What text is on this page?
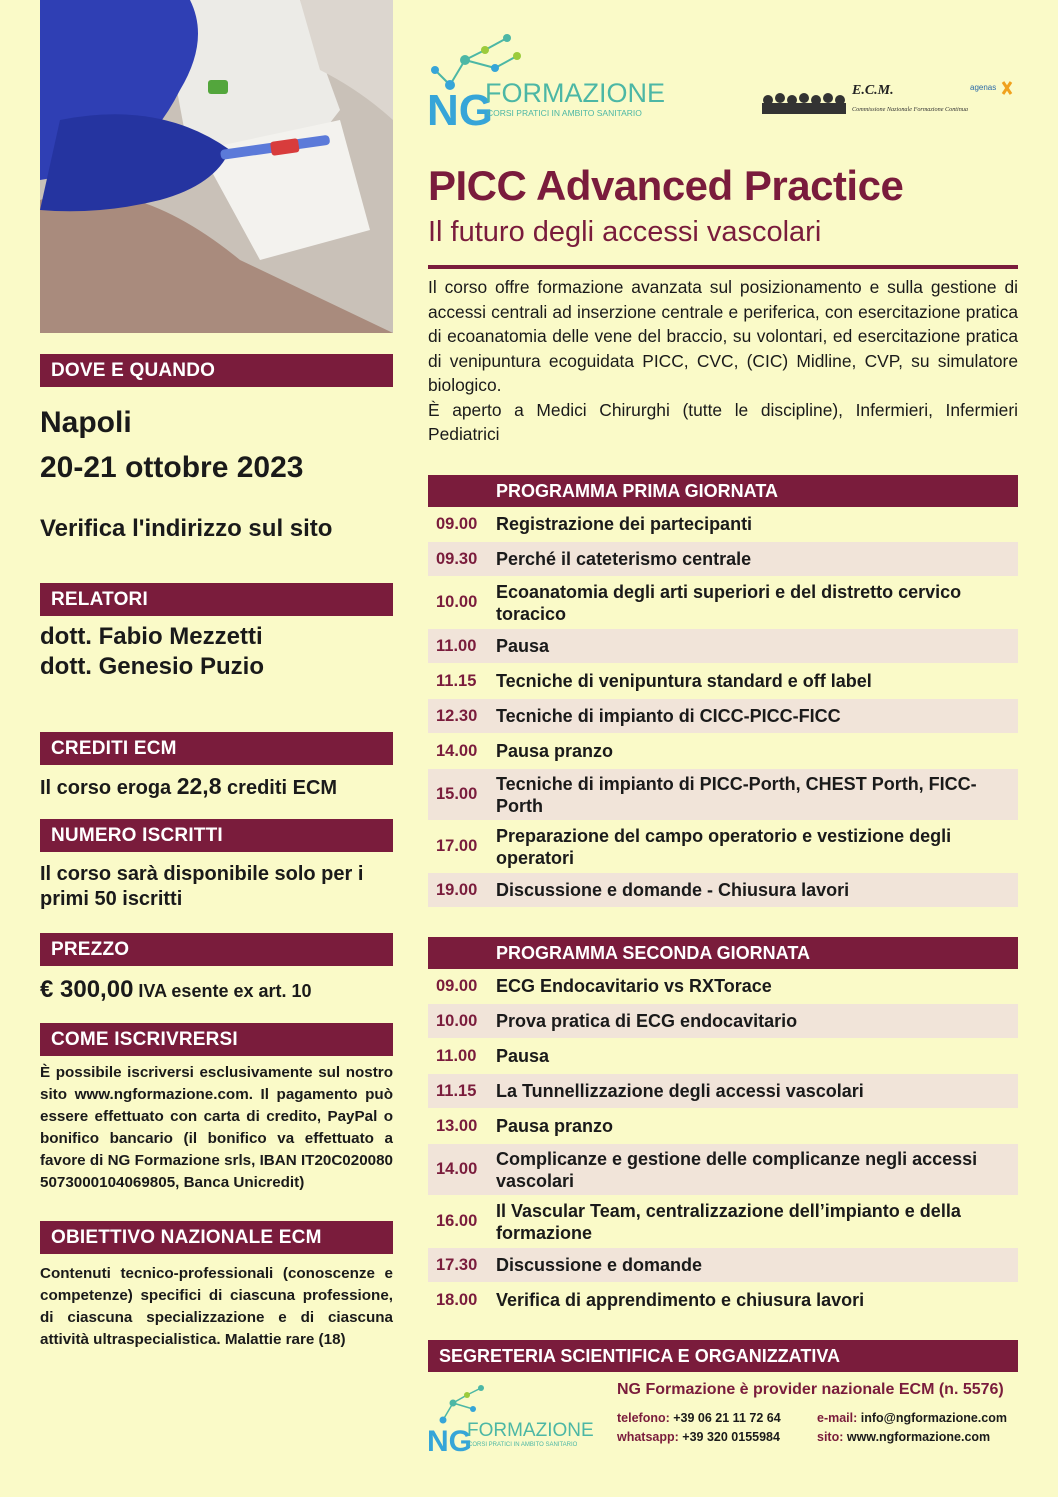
DOVE E QUANDO
Napoli
20-21 ottobre 2023
Verifica l'indirizzo sul sito
RELATORI
dott. Fabio Mezzetti
dott. Genesio Puzio
CREDITI ECM
Il corso eroga 22,8 crediti ECM
NUMERO ISCRITTI
Il corso sarà disponibile solo per i primi 50 iscritti
PREZZO
€ 300,00 IVA esente ex art. 10
COME ISCRIVRERSI
È possibile iscriversi esclusivamente sul nostro sito www.ngformazione.com. Il pagamento può essere effettuato con carta di credito, PayPal o bonifico bancario (il bonifico va effettuato a favore di NG Formazione srls, IBAN IT20C020080 5073000104069805, Banca Unicredit)
OBIETTIVO NAZIONALE ECM
Contenuti tecnico-professionali (conoscenze e competenze) specifici di ciascuna professione, di ciascuna specializzazione e di ciascuna attività ultraspecialistica. Malattie rare (18)
NG
FORMAZIONE
CORSI PRATICI IN AMBITO SANITARIO
E.C.M.
Commissione Nazionale Formazione Continua
agenas
PICC Advanced Practice
Il futuro degli accessi vascolari

Il corso offre formazione avanzata sul posizionamento e sulla gestione di accessi centrali ad inserzione centrale e periferica, con esercitazione pratica di ecoanatomia delle vene del braccio, su volontari, ed esercitazione pratica di venipuntura ecoguidata PICC, CVC, (CIC) Midline, CVP, su simulatore biologico.

È aperto a Medici Chirurghi (tutte le discipline), Infermieri, Infermieri Pediatrici

PROGRAMMA PRIMA GIORNATA
09.00	Registrazione dei partecipanti
09.30	Perché il cateterismo centrale
10.00
Ecoanatomia degli arti superiori e del distretto cervico toracico
11.00	Pausa
11.15	Tecniche di venipuntura standard e off label
12.30	Tecniche di impianto di CICC-PICC-FICC
14.00	Pausa pranzo
15.00
Tecniche di impianto di PICC-Porth, CHEST Porth, FICC-Porth
17.00
Preparazione del campo operatorio e vestizione degli operatori
19.00	Discussione e domande - Chiusura lavori
PROGRAMMA SECONDA GIORNATA
09.00	ECG Endocavitario vs RXTorace
10.00	Prova pratica di ECG endocavitario
11.00	Pausa
11.15	La Tunnellizzazione degli accessi vascolari
13.00	Pausa pranzo
14.00
Complicanze e gestione delle complicanze negli accessi vascolari
16.00
Il Vascular Team, centralizzazione dell’impianto e della formazione
17.30	Discussione e domande
18.00	Verifica di apprendimento e chiusura lavori
SEGRETERIA SCIENTIFICA E ORGANIZZATIVA
NG Formazione è provider nazionale ECM (n. 5576)
NG
FORMAZIONE
CORSI PRATICI IN AMBITO SANITARIO
telefono: +39 06 21 11 72 64
whatsapp: +39 320 0155984
e-mail: info@ngformazione.com
sito: www.ngformazione.com
